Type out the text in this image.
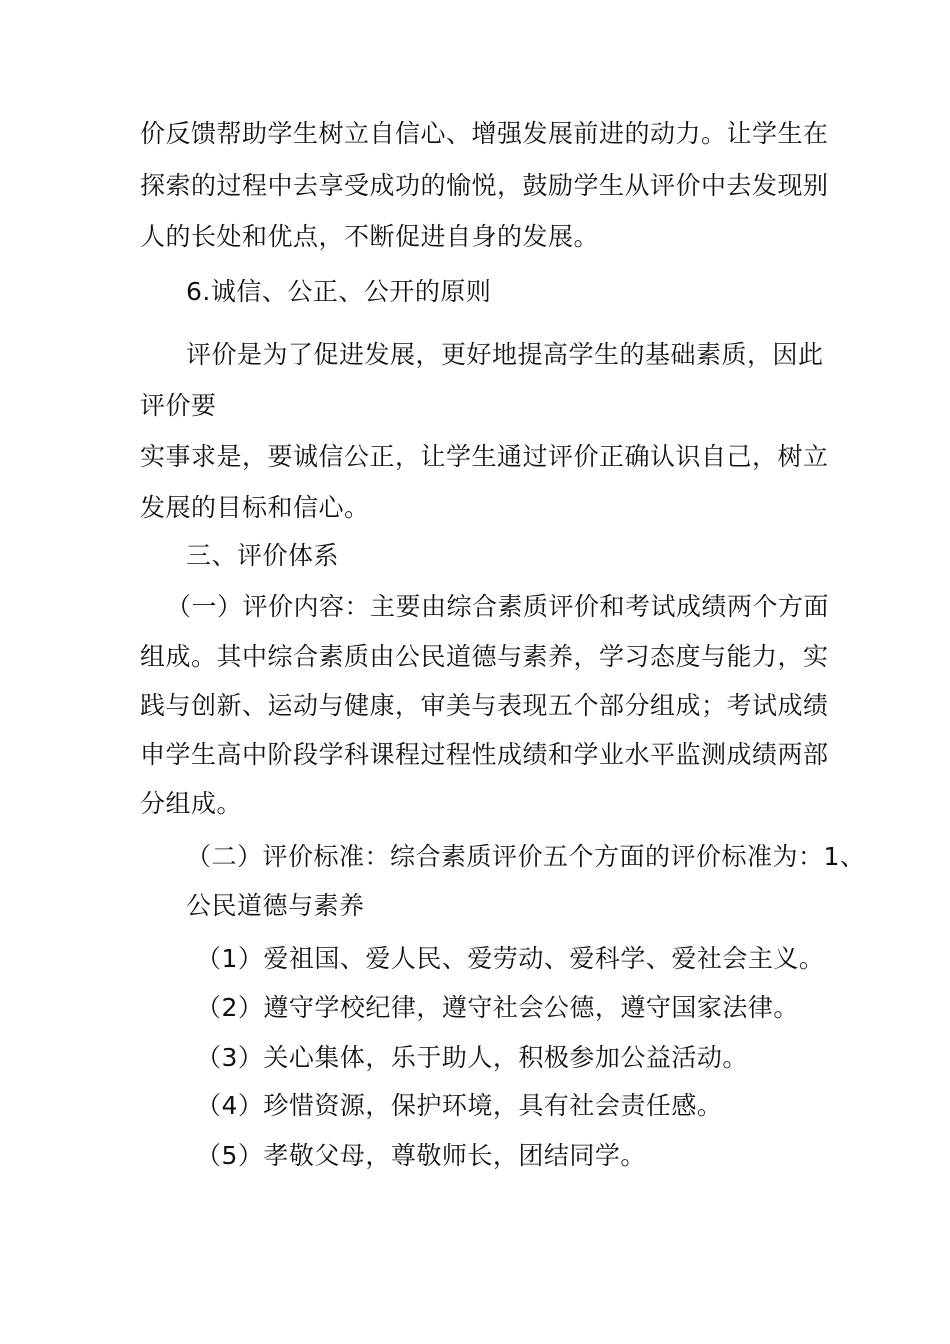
价反馈帮助学生树立自信心、增强发展前进的动力。让学生在
探索的过程中去享受成功的愉悦，鼓励学生从评价中去发现别
人的长处和优点，不断促进自身的发展。
6.诚信、公正、公开的原则
评价是为了促进发展，更好地提高学生的基础素质，因此
评价要
实事求是，要诚信公正，让学生通过评价正确认识自己，树立
发展的目标和信心。
三、评价体系
（一）评价内容：主要由综合素质评价和考试成绩两个方面
组成。其中综合素质由公民道德与素养，学习态度与能力，实
践与创新、运动与健康，审美与表现五个部分组成；考试成绩
申学生高中阶段学科课程过程性成绩和学业水平监测成绩两部
分组成。
（二）评价标准：综合素质评价五个方面的评价标准为：1、
公民道德与素养
（1）爱祖国、爱人民、爱劳动、爱科学、爱社会主义。
（2）遵守学校纪律，遵守社会公德，遵守国家法律。
（3）关心集体，乐于助人，积极参加公益活动。
（4）珍惜资源，保护环境，具有社会责任感。
（5）孝敬父母，尊敬师长，团结同学。
